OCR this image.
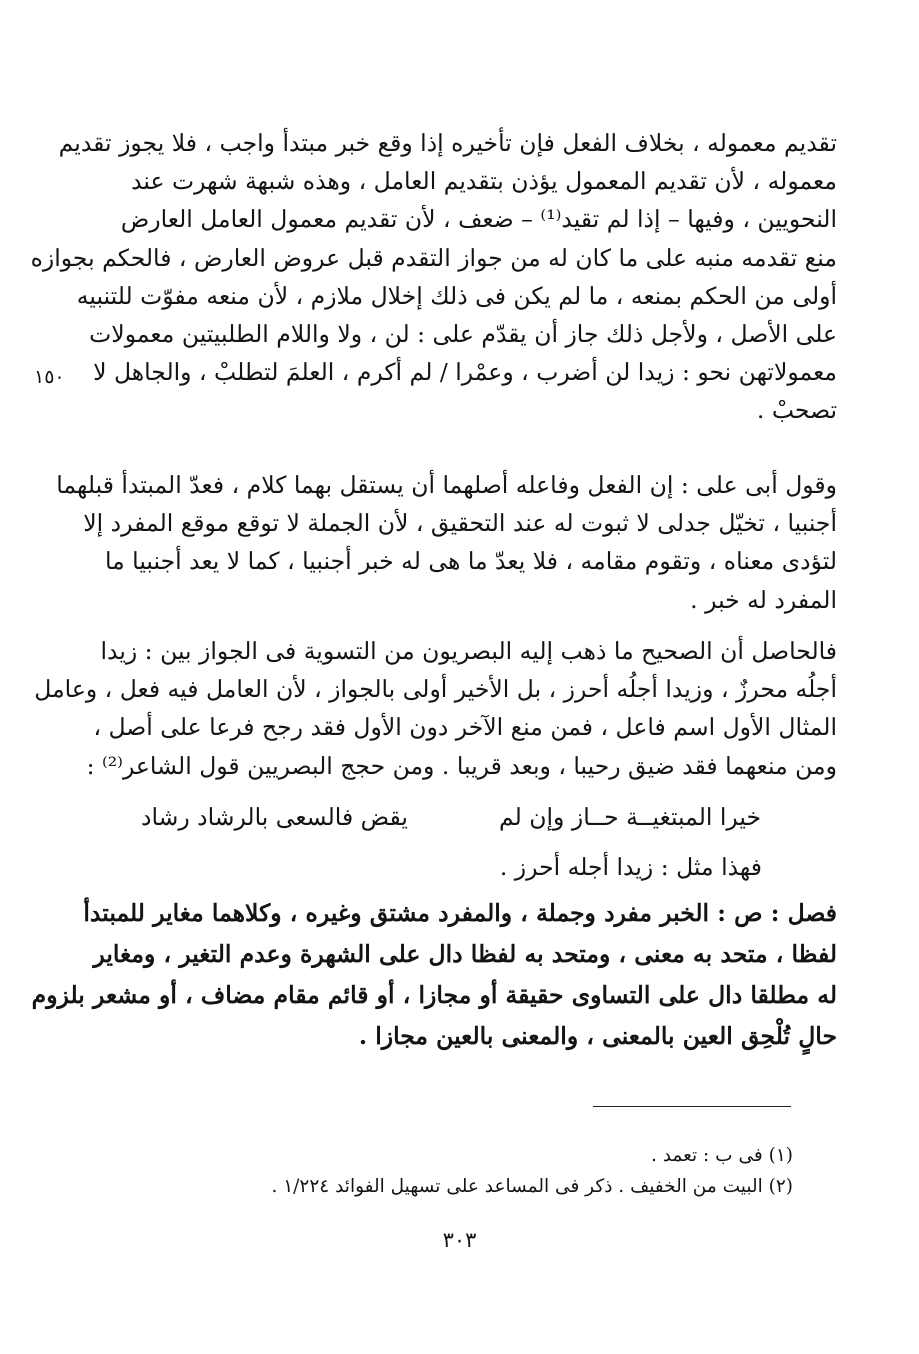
١٥٠
تقديم معموله ، بخلاف الفعل فإن تأخيره إذا وقع خبر مبتدأ واجب ، فلا يجوز تقديم
معموله ، لأن تقديم المعمول يؤذن بتقديم العامل ، وهذه شبهة شهرت عند
النحويين ، وفيها – إذا لم تقيد⁽¹⁾ – ضعف ، لأن تقديم معمول العامل العارض
منع تقدمه منبه على ما كان له من جواز التقدم قبل عروض العارض ، فالحكم بجوازه
أولى من الحكم بمنعه ، ما لم يكن فى ذلك إخلال ملازم ، لأن منعه مفوّت للتنبيه
على الأصل ، ولأجل ذلك جاز أن يقدّم على : لن ، ولا واللام الطلبيتين معمولات
معمولاتهن نحو : زيدا لن أضرب ، وعمْرا / لم أكرم ، العلمَ لتطلبْ ، والجاهل لا
تصحبْ .
وقول أبى على : إن الفعل وفاعله أصلهما أن يستقل بهما كلام ، فعدّ المبتدأ قبلهما
أجنبيا ، تخيّل جدلى لا ثبوت له عند التحقيق ، لأن الجملة لا توقع موقع المفرد إلا
لتؤدى معناه ، وتقوم مقامه ، فلا يعدّ ما هى له خبر أجنبيا ، كما لا يعد أجنبيا ما
المفرد له خبر .
فالحاصل أن الصحيح ما ذهب إليه البصريون من التسوية فى الجواز بين : زيدا
أجلُه محرزٌ ، وزيدا أجلُه أحرز ، بل الأخير أولى بالجواز ، لأن العامل فيه فعل ، وعامل
المثال الأول اسم فاعل ، فمن منع الآخر دون الأول فقد رجح فرعا على أصل ،
ومن منعهما فقد ضيق رحيبا ، وبعد قريبا . ومن حجج البصريين قول الشاعر⁽²⁾ :
خيرا المبتغيــة حــاز وإن لم
يقض فالسعى بالرشاد رشاد
فهذا مثل : زيدا أجله أحرز .
فصل : ص : الخبر مفرد وجملة ، والمفرد مشتق وغيره ، وكلاهما مغاير للمبتدأ
لفظا ، متحد به معنى ، ومتحد به لفظا دال على الشهرة وعدم التغير ، ومغاير
له مطلقا دال على التساوى حقيقة أو مجازا ، أو قائم مقام مضاف ، أو مشعر بلزوم
حالٍ تُلْحِق العين بالمعنى ، والمعنى بالعين مجازا .
(١) فى ب : تعمد .
(٢) البيت من الخفيف . ذكر فى المساعد على تسهيل الفوائد ١/٢٢٤ .
٣٠٣
